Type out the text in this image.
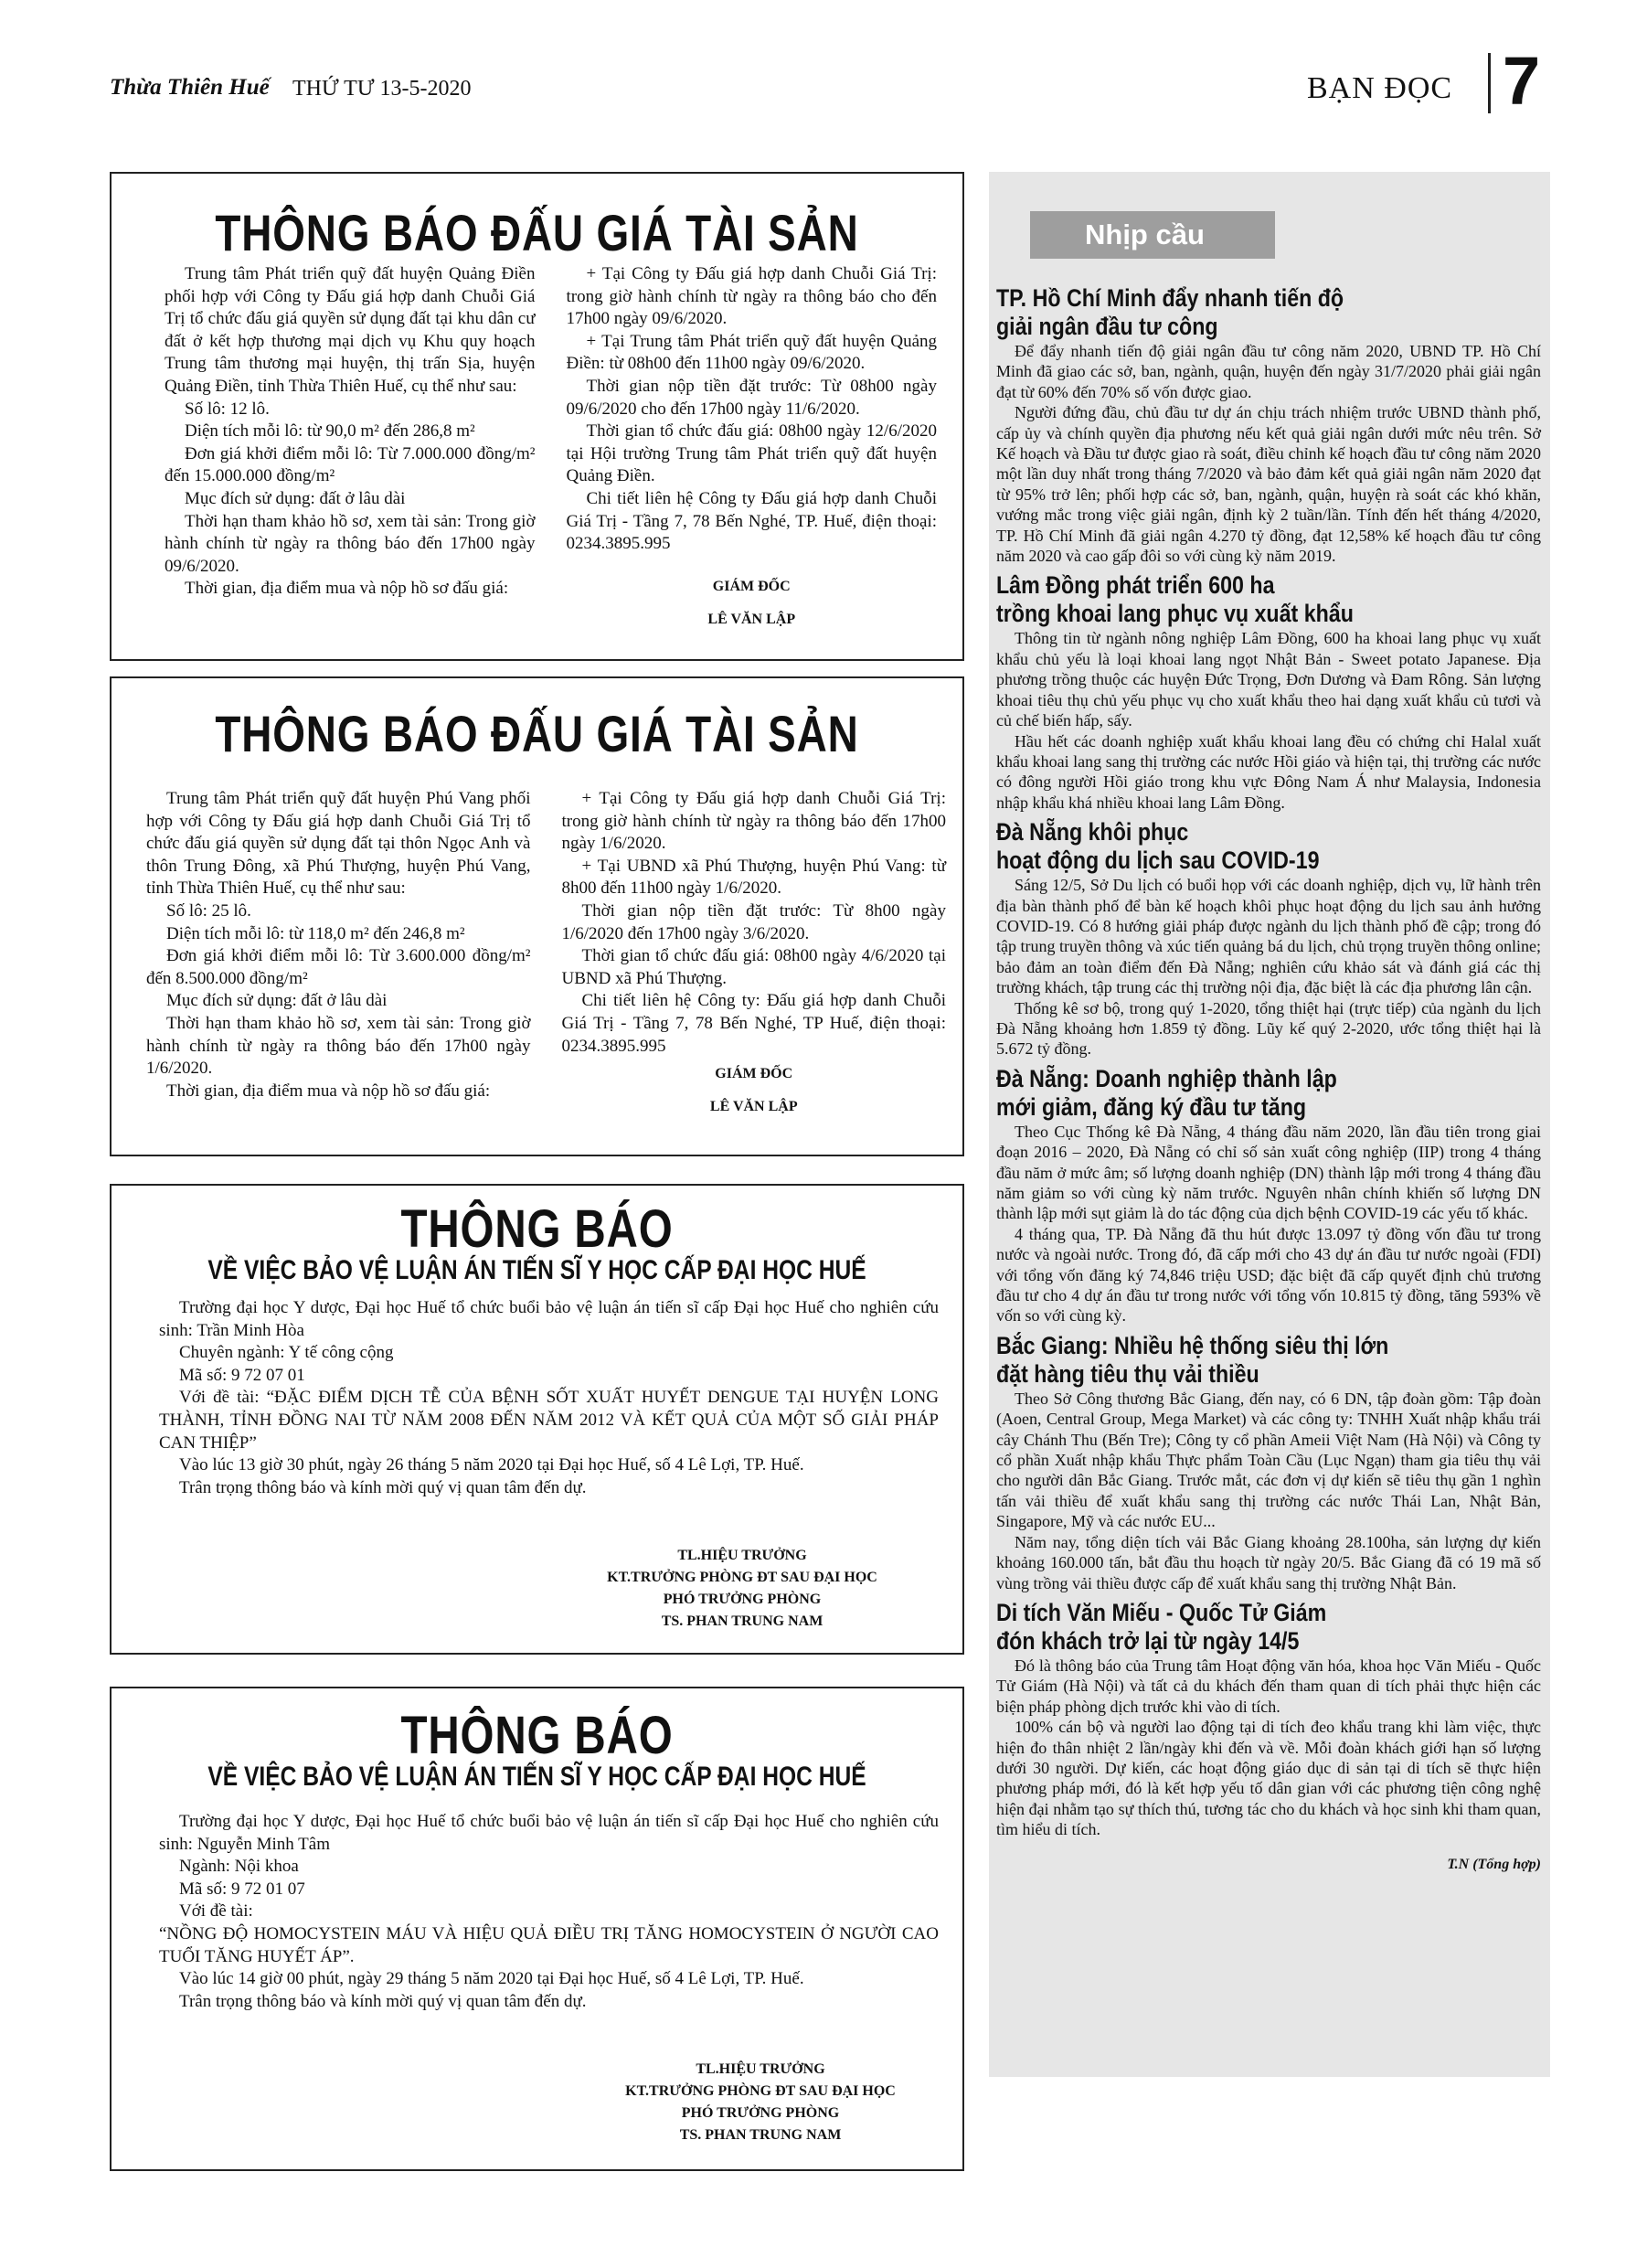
Thừa Thiên Huế THỨ TƯ 13-5-2020	BẠN ĐỌC 7
THÔNG BÁO ĐẤU GIÁ TÀI SẢN

Trung tâm Phát triển quỹ đất huyện Quảng Điền phối hợp với Công ty Đấu giá hợp danh Chuỗi Giá Trị tổ chức đấu giá quyền sử dụng đất tại khu dân cư đất ở kết hợp thương mại dịch vụ Khu quy hoạch Trung tâm thương mại huyện, thị trấn Sịa, huyện Quảng Điền, tỉnh Thừa Thiên Huế, cụ thể như sau:

Số lô: 12 lô.

Diện tích mỗi lô: từ 90,0 m² đến 286,8 m²

Đơn giá khởi điểm mỗi lô: Từ 7.000.000 đồng/m² đến 15.000.000 đồng/m²

Mục đích sử dụng: đất ở lâu dài

Thời hạn tham khảo hồ sơ, xem tài sản: Trong giờ hành chính từ ngày ra thông báo đến 17h00 ngày 09/6/2020.

Thời gian, địa điểm mua và nộp hồ sơ đấu giá:

+ Tại Công ty Đấu giá hợp danh Chuỗi Giá Trị: trong giờ hành chính từ ngày ra thông báo cho đến 17h00 ngày 09/6/2020.

+ Tại Trung tâm Phát triển quỹ đất huyện Quảng Điền: từ 08h00 đến 11h00 ngày 09/6/2020.

Thời gian nộp tiền đặt trước: Từ 08h00 ngày 09/6/2020 cho đến 17h00 ngày 11/6/2020.

Thời gian tổ chức đấu giá: 08h00 ngày 12/6/2020 tại Hội trường Trung tâm Phát triển quỹ đất huyện Quảng Điền.

Chi tiết liên hệ Công ty Đấu giá hợp danh Chuỗi Giá Trị - Tầng 7, 78 Bến Nghé, TP. Huế, điện thoại: 0234.3895.995

GIÁM ĐỐC
LÊ VĂN LẬP
THÔNG BÁO ĐẤU GIÁ TÀI SẢN

Trung tâm Phát triển quỹ đất huyện Phú Vang phối hợp với Công ty Đấu giá hợp danh Chuỗi Giá Trị tổ chức đấu giá quyền sử dụng đất tại thôn Ngọc Anh và thôn Trung Đông, xã Phú Thượng, huyện Phú Vang, tỉnh Thừa Thiên Huế, cụ thể như sau:

Số lô: 25 lô.

Diện tích mỗi lô: từ 118,0 m² đến 246,8 m²

Đơn giá khởi điểm mỗi lô: Từ 3.600.000 đồng/m² đến 8.500.000 đồng/m²

Mục đích sử dụng: đất ở lâu dài

Thời hạn tham khảo hồ sơ, xem tài sản: Trong giờ hành chính từ ngày ra thông báo đến 17h00 ngày 1/6/2020.

Thời gian, địa điểm mua và nộp hồ sơ đấu giá:

+ Tại Công ty Đấu giá hợp danh Chuỗi Giá Trị: trong giờ hành chính từ ngày ra thông báo đến 17h00 ngày 1/6/2020.

+ Tại UBND xã Phú Thượng, huyện Phú Vang: từ 8h00 đến 11h00 ngày 1/6/2020.

Thời gian nộp tiền đặt trước: Từ 8h00 ngày 1/6/2020 đến 17h00 ngày 3/6/2020.

Thời gian tổ chức đấu giá: 08h00 ngày 4/6/2020 tại UBND xã Phú Thượng.

Chi tiết liên hệ Công ty: Đấu giá hợp danh Chuỗi Giá Trị - Tầng 7, 78 Bến Nghé, TP Huế, điện thoại: 0234.3895.995

GIÁM ĐỐC
LÊ VĂN LẬP
THÔNG BÁO
VỀ VIỆC BẢO VỆ LUẬN ÁN TIẾN SĨ Y HỌC CẤP ĐẠI HỌC HUẾ

Trường đại học Y dược, Đại học Huế tổ chức buổi bảo vệ luận án tiến sĩ cấp Đại học Huế cho nghiên cứu sinh: Trần Minh Hòa

Chuyên ngành: Y tế công cộng

Mã số: 9 72 07 01

Với đề tài: “ĐẶC ĐIỂM DỊCH TỄ CỦA BỆNH SỐT XUẤT HUYẾT DENGUE TẠI HUYỆN LONG THÀNH, TỈNH ĐỒNG NAI TỪ NĂM 2008 ĐẾN NĂM 2012 VÀ KẾT QUẢ CỦA MỘT SỐ GIẢI PHÁP CAN THIỆP”

Vào lúc 13 giờ 30 phút, ngày 26 tháng 5 năm 2020 tại Đại học Huế, số 4 Lê Lợi, TP. Huế.

Trân trọng thông báo và kính mời quý vị quan tâm đến dự.

TL.HIỆU TRƯỞNG
KT.TRƯỞNG PHÒNG ĐT SAU ĐẠI HỌC
PHÓ TRƯỞNG PHÒNG
TS. PHAN TRUNG NAM
THÔNG BÁO
VỀ VIỆC BẢO VỆ LUẬN ÁN TIẾN SĨ Y HỌC CẤP ĐẠI HỌC HUẾ

Trường đại học Y dược, Đại học Huế tổ chức buổi bảo vệ luận án tiến sĩ cấp Đại học Huế cho nghiên cứu sinh: Nguyễn Minh Tâm

Ngành: Nội khoa

Mã số: 9 72 01 07

Với đề tài:

“NỒNG ĐỘ HOMOCYSTEIN MÁU VÀ HIỆU QUẢ ĐIỀU TRỊ TĂNG HOMOCYSTEIN Ở NGƯỜI CAO TUỔI TĂNG HUYẾT ÁP”.

Vào lúc 14 giờ 00 phút, ngày 29 tháng 5 năm 2020 tại Đại học Huế, số 4 Lê Lợi, TP. Huế.

Trân trọng thông báo và kính mời quý vị quan tâm đến dự.

TL.HIỆU TRƯỞNG
KT.TRƯỞNG PHÒNG ĐT SAU ĐẠI HỌC
PHÓ TRƯỞNG PHÒNG
TS. PHAN TRUNG NAM
Nhịp cầu
TP. Hồ Chí Minh đẩy nhanh tiến độ
giải ngân đầu tư công

Để đẩy nhanh tiến độ giải ngân đầu tư công năm 2020, UBND TP. Hồ Chí Minh đã giao các sở, ban, ngành, quận, huyện đến ngày 31/7/2020 phải giải ngân đạt từ 60% đến 70% số vốn được giao.

Người đứng đầu, chủ đầu tư dự án chịu trách nhiệm trước UBND thành phố, cấp ủy và chính quyền địa phương nếu kết quả giải ngân dưới mức nêu trên. Sở Kế hoạch và Đầu tư được giao rà soát, điều chỉnh kế hoạch đầu tư công năm 2020 một lần duy nhất trong tháng 7/2020 và bảo đảm kết quả giải ngân năm 2020 đạt từ 95% trở lên; phối hợp các sở, ban, ngành, quận, huyện rà soát các khó khăn, vướng mắc trong việc giải ngân, định kỳ 2 tuần/lần. Tính đến hết tháng 4/2020, TP. Hồ Chí Minh đã giải ngân 4.270 tỷ đồng, đạt 12,58% kế hoạch đầu tư công năm 2020 và cao gấp đôi so với cùng kỳ năm 2019.

Lâm Đồng phát triển 600 ha
trồng khoai lang phục vụ xuất khẩu

Thông tin từ ngành nông nghiệp Lâm Đồng, 600 ha khoai lang phục vụ xuất khẩu chủ yếu là loại khoai lang ngọt Nhật Bản - Sweet potato Japanese. Địa phương trồng thuộc các huyện Đức Trọng, Đơn Dương và Đam Rông. Sản lượng khoai tiêu thụ chủ yếu phục vụ cho xuất khẩu theo hai dạng xuất khẩu củ tươi và củ chế biến hấp, sấy.

Hầu hết các doanh nghiệp xuất khẩu khoai lang đều có chứng chỉ Halal xuất khẩu khoai lang sang thị trường các nước Hồi giáo và hiện tại, thị trường các nước có đông người Hồi giáo trong khu vực Đông Nam Á như Malaysia, Indonesia nhập khẩu khá nhiều khoai lang Lâm Đồng.

Đà Nẵng khôi phục
hoạt động du lịch sau COVID-19

Sáng 12/5, Sở Du lịch có buổi họp với các doanh nghiệp, dịch vụ, lữ hành trên địa bàn thành phố để bàn kế hoạch khôi phục hoạt động du lịch sau ảnh hưởng COVID-19. Có 8 hướng giải pháp được ngành du lịch thành phố đề cập; trong đó tập trung truyền thông và xúc tiến quảng bá du lịch, chủ trọng truyền thông online; bảo đảm an toàn điểm đến Đà Nẵng; nghiên cứu khảo sát và đánh giá các thị trường khách, tập trung các thị trường nội địa, đặc biệt là các địa phương lân cận.

Thống kê sơ bộ, trong quý 1-2020, tổng thiệt hại (trực tiếp) của ngành du lịch Đà Nẵng khoảng hơn 1.859 tỷ đồng. Lũy kế quý 2-2020, ước tổng thiệt hại là 5.672 tỷ đồng.

Đà Nẵng: Doanh nghiệp thành lập
mới giảm, đăng ký đầu tư tăng

Theo Cục Thống kê Đà Nẵng, 4 tháng đầu năm 2020, lần đầu tiên trong giai đoạn 2016 – 2020, Đà Nẵng có chỉ số sản xuất công nghiệp (IIP) trong 4 tháng đầu năm ở mức âm; số lượng doanh nghiệp (DN) thành lập mới trong 4 tháng đầu năm giảm so với cùng kỳ năm trước. Nguyên nhân chính khiến số lượng DN thành lập mới sụt giảm là do tác động của dịch bệnh COVID-19 các yếu tố khác.

4 tháng qua, TP. Đà Nẵng đã thu hút được 13.097 tỷ đồng vốn đầu tư trong nước và ngoài nước. Trong đó, đã cấp mới cho 43 dự án đầu tư nước ngoài (FDI) với tổng vốn đăng ký 74,846 triệu USD; đặc biệt đã cấp quyết định chủ trương đầu tư cho 4 dự án đầu tư trong nước với tổng vốn 10.815 tỷ đồng, tăng 593% về vốn so với cùng kỳ.

Bắc Giang: Nhiều hệ thống siêu thị lớn
đặt hàng tiêu thụ vải thiều

Theo Sở Công thương Bắc Giang, đến nay, có 6 DN, tập đoàn gồm: Tập đoàn (Aoen, Central Group, Mega Market) và các công ty: TNHH Xuất nhập khẩu trái cây Chánh Thu (Bến Tre); Công ty cổ phần Ameii Việt Nam (Hà Nội) và Công ty cổ phần Xuất nhập khẩu Thực phẩm Toàn Cầu (Lục Ngạn) tham gia tiêu thụ vải cho người dân Bắc Giang. Trước mắt, các đơn vị dự kiến sẽ tiêu thụ gần 1 nghìn tấn vải thiều để xuất khẩu sang thị trường các nước Thái Lan, Nhật Bản, Singapore, Mỹ và các nước EU...

Năm nay, tổng diện tích vải Bắc Giang khoảng 28.100ha, sản lượng dự kiến khoảng 160.000 tấn, bắt đầu thu hoạch từ ngày 20/5. Bắc Giang đã có 19 mã số vùng trồng vải thiều được cấp để xuất khẩu sang thị trường Nhật Bản.

Di tích Văn Miếu - Quốc Tử Giám
đón khách trở lại từ ngày 14/5

Đó là thông báo của Trung tâm Hoạt động văn hóa, khoa học Văn Miếu - Quốc Tử Giám (Hà Nội) và tất cả du khách đến tham quan di tích phải thực hiện các biện pháp phòng dịch trước khi vào di tích.

100% cán bộ và người lao động tại di tích đeo khẩu trang khi làm việc, thực hiện đo thân nhiệt 2 lần/ngày khi đến và về. Mỗi đoàn khách giới hạn số lượng dưới 30 người. Dự kiến, các hoạt động giáo dục di sản tại di tích sẽ thực hiện phương pháp mới, đó là kết hợp yếu tố dân gian với các phương tiện công nghệ hiện đại nhằm tạo sự thích thú, tương tác cho du khách và học sinh khi tham quan, tìm hiểu di tích.

T.N (Tổng hợp)
